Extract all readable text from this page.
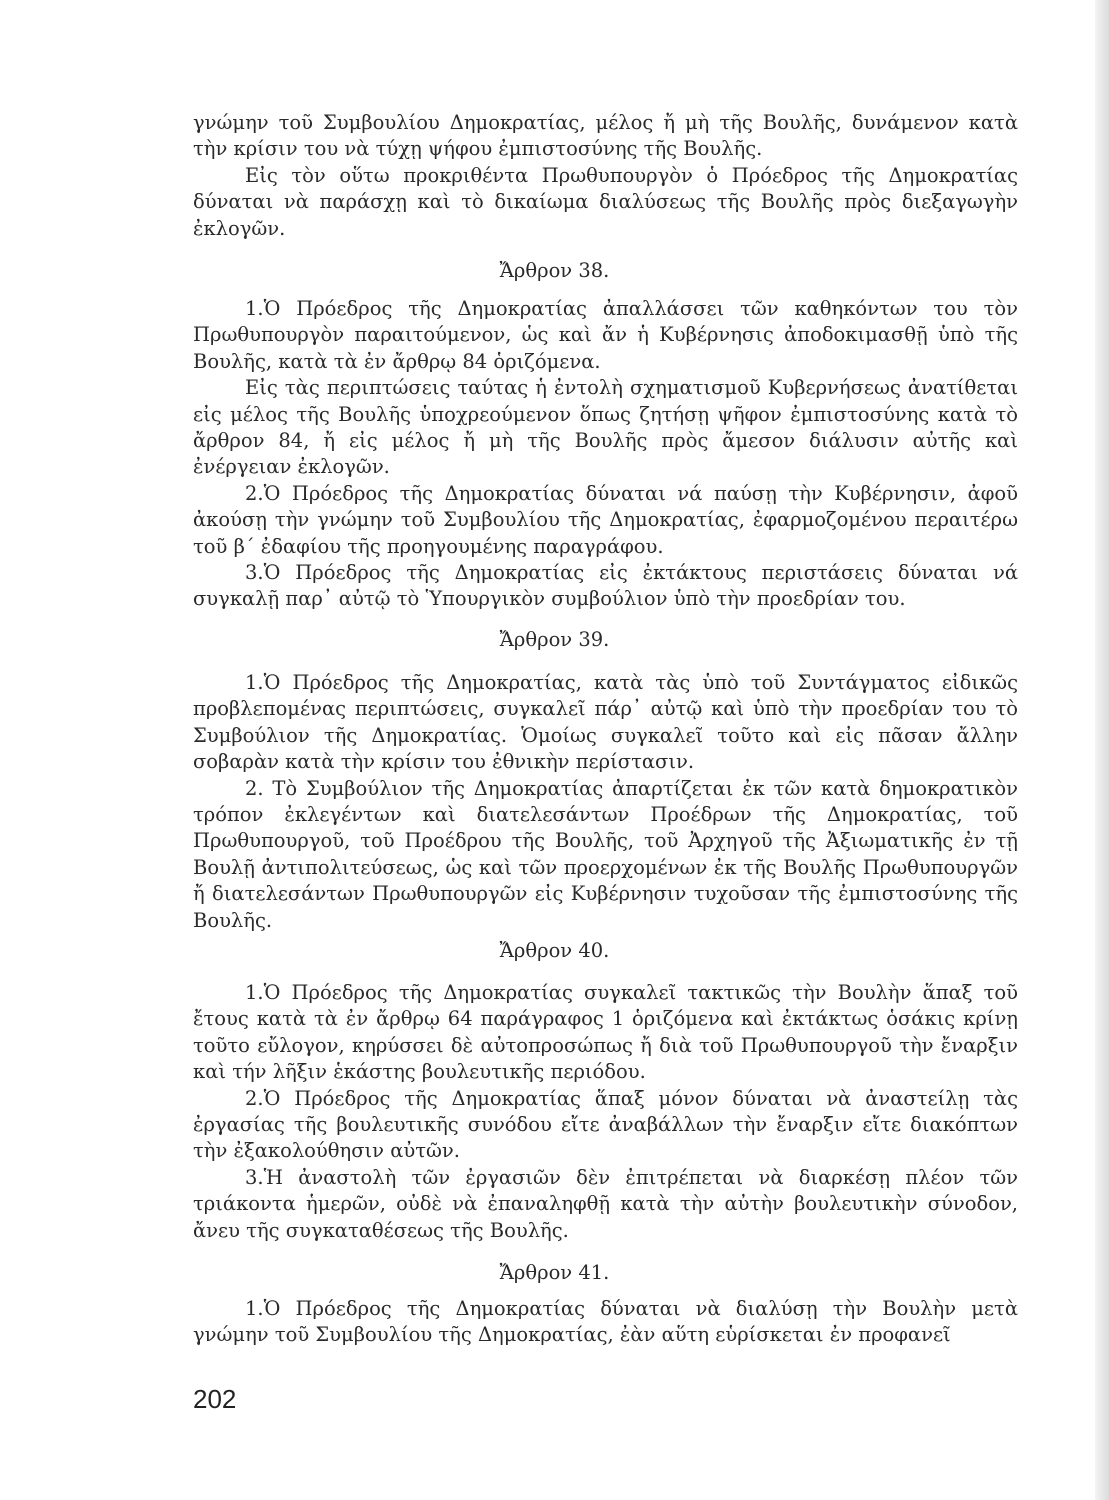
γνώμην τοῦ Συμβουλίου Δημοκρατίας, μέλος ἤ μὴ τῆς Βουλῆς, δυνάμενον κατὰ τὴν κρίσιν του νὰ τύχῃ ψήφου ἐμπιστοσύνης τῆς Βουλῆς.

Εἰς τὸν οὕτω προκριθέντα Πρωθυπουργὸν ὁ Πρόεδρος τῆς Δημοκρατίας δύναται νὰ παράσχῃ καὶ τὸ δικαίωμα διαλύσεως τῆς Βουλῆς πρὸς διεξαγωγὴν ἐκλογῶν.

Ἄρθρον 38.

1.Ὁ Πρόεδρος τῆς Δημοκρατίας ἀπαλλάσσει τῶν καθηκόντων του τὸν Πρωθυπουργὸν παραιτούμενον, ὡς καὶ ἄν ἡ Κυβέρνησις ἀποδοκιμασθῇ ὑπὸ τῆς Βουλῆς, κατὰ τὰ ἐν ἄρθρῳ 84 ὁριζόμενα.

Εἰς τὰς περιπτώσεις ταύτας ἡ ἐντολὴ σχηματισμοῦ Κυβερνήσεως ἀνατίθεται εἰς μέλος τῆς Βουλῆς ὑποχρεούμενον ὅπως ζητήσῃ ψῆφον ἐμπιστοσύνης κατὰ τὸ ἄρθρον 84, ἤ εἰς μέλος ἤ μὴ τῆς Βουλῆς πρὸς ἄμεσον διάλυσιν αὐτῆς καὶ ἐνέργειαν ἐκλογῶν.

2.Ὁ Πρόεδρος τῆς Δημοκρατίας δύναται νά παύσῃ τὴν Κυβέρνησιν, ἀφοῦ ἀκούσῃ τὴν γνώμην τοῦ Συμβουλίου τῆς Δημοκρατίας, ἐφαρμοζομένου περαιτέρω τοῦ β΄ ἐδαφίου τῆς προηγουμένης παραγράφου.

3.Ὁ Πρόεδρος τῆς Δημοκρατίας εἰς ἐκτάκτους περιστάσεις δύναται νά συγκαλῇ παρ᾽ αὐτῷ τὸ Ὑπουργικὸν συμβούλιον ὑπὸ τὴν προεδρίαν του.

Ἄρθρον 39.

1.Ὁ Πρόεδρος τῆς Δημοκρατίας, κατὰ τὰς ὑπὸ τοῦ Συντάγματος εἰδικῶς προβλεπομένας περιπτώσεις, συγκαλεῖ πάρ᾽ αὐτῷ καὶ ὑπὸ τὴν προεδρίαν του τὸ Συμβούλιον τῆς Δημοκρατίας. Ὁμοίως συγκαλεῖ τοῦτο καὶ εἰς πᾶσαν ἄλλην σοβαρὰν κατὰ τὴν κρίσιν του ἐθνικὴν περίστασιν.

2. Τὸ Συμβούλιον τῆς Δημοκρατίας ἀπαρτίζεται ἐκ τῶν κατὰ δημοκρατικὸν τρόπον ἐκλεγέντων καὶ διατελεσάντων Προέδρων τῆς Δημοκρατίας, τοῦ Πρωθυπουργοῦ, τοῦ Προέδρου τῆς Βουλῆς, τοῦ Ἀρχηγοῦ τῆς Ἀξιωματικῆς ἐν τῇ Βουλῇ ἀντιπολιτεύσεως, ὡς καὶ τῶν προερχομένων ἐκ τῆς Βουλῆς Πρωθυπουργῶν ἤ διατελεσάντων Πρωθυπουργῶν εἰς Κυβέρνησιν τυχοῦσαν τῆς ἐμπιστοσύνης τῆς Βουλῆς.

Ἄρθρον 40.

1.Ὁ Πρόεδρος τῆς Δημοκρατίας συγκαλεῖ τακτικῶς τὴν Βουλὴν ἅπαξ τοῦ ἔτους κατὰ τὰ ἐν ἄρθρῳ 64 παράγραφος 1 ὁριζόμενα καὶ ἐκτάκτως ὁσάκις κρίνῃ τοῦτο εὔλογον, κηρύσσει δὲ αὐτοπροσώπως ἤ διὰ τοῦ Πρωθυπουργοῦ τὴν ἔναρξιν καὶ τήν λῆξιν ἑκάστης βουλευτικῆς περιόδου.

2.Ὁ Πρόεδρος τῆς Δημοκρατίας ἅπαξ μόνον δύναται νὰ ἀναστείλῃ τὰς ἐργασίας τῆς βουλευτικῆς συνόδου εἴτε ἀναβάλλων τὴν ἔναρξιν εἴτε διακόπτων τὴν ἐξακολούθησιν αὐτῶν.

3.Ἡ ἀναστολὴ τῶν ἐργασιῶν δὲν ἐπιτρέπεται νὰ διαρκέσῃ πλέον τῶν τριάκοντα ἡμερῶν, οὐδὲ νὰ ἐπαναληφθῇ κατὰ τὴν αὐτὴν βουλευτικὴν σύνοδον, ἄνευ τῆς συγκαταθέσεως τῆς Βουλῆς.

Ἄρθρον 41.

1.Ὁ Πρόεδρος τῆς Δημοκρατίας δύναται νὰ διαλύσῃ τὴν Βουλὴν μετὰ γνώμην τοῦ Συμβουλίου τῆς Δημοκρατίας, ἐὰν αὕτη εὑρίσκεται ἐν προφανεῖ

202
